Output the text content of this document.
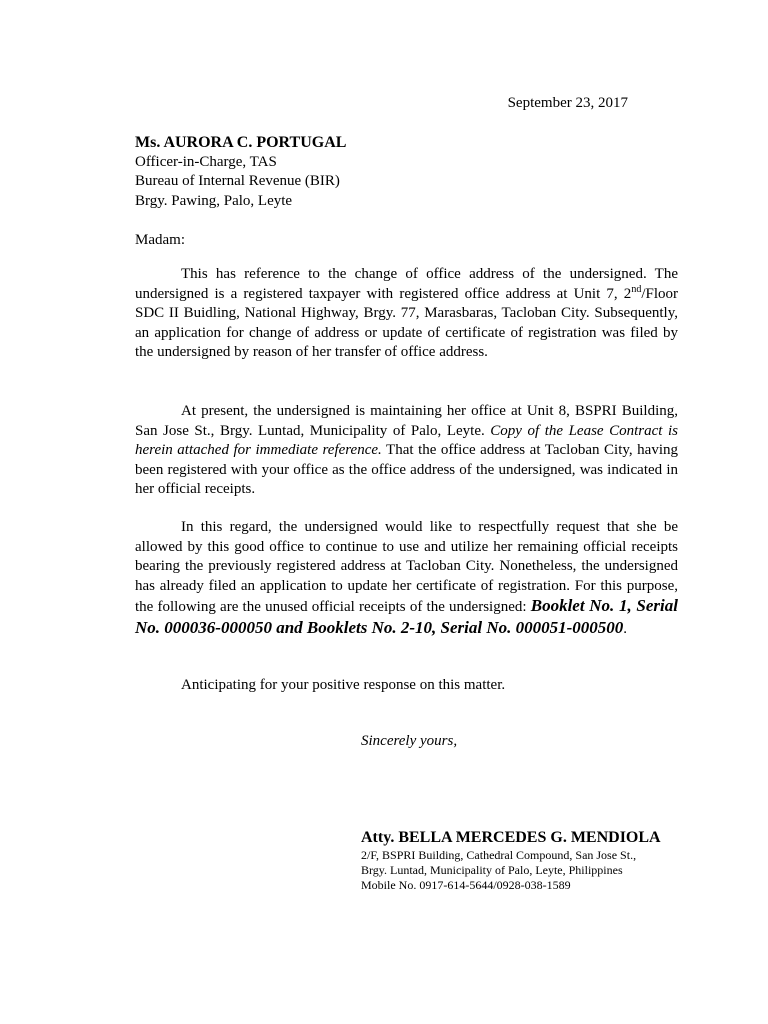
September 23, 2017
Ms. AURORA C. PORTUGAL
Officer-in-Charge, TAS
Bureau of Internal Revenue (BIR)
Brgy. Pawing, Palo, Leyte
Madam:

This has reference to the change of office address of the undersigned. The undersigned is a registered taxpayer with registered office address at Unit 7, 2nd/Floor SDC II Buidling, National Highway, Brgy. 77, Marasbaras, Tacloban City. Subsequently, an application for change of address or update of certificate of registration was filed by the undersigned by reason of her transfer of office address.

At present, the undersigned is maintaining her office at Unit 8, BSPRI Building, San Jose St., Brgy. Luntad, Municipality of Palo, Leyte. Copy of the Lease Contract is herein attached for immediate reference. That the office address at Tacloban City, having been registered with your office as the office address of the undersigned, was indicated in her official receipts.

In this regard, the undersigned would like to respectfully request that she be allowed by this good office to continue to use and utilize her remaining official receipts bearing the previously registered address at Tacloban City. Nonetheless, the undersigned has already filed an application to update her certificate of registration. For this purpose, the following are the unused official receipts of the undersigned: Booklet No. 1, Serial No. 000036-000050 and Booklets No. 2-10, Serial No. 000051-000500.

Anticipating for your positive response on this matter.

Sincerely yours,
Atty. BELLA MERCEDES G. MENDIOLA
2/F, BSPRI Building, Cathedral Compound, San Jose St.,
Brgy. Luntad, Municipality of Palo, Leyte, Philippines
Mobile No. 0917-614-5644/0928-038-1589
